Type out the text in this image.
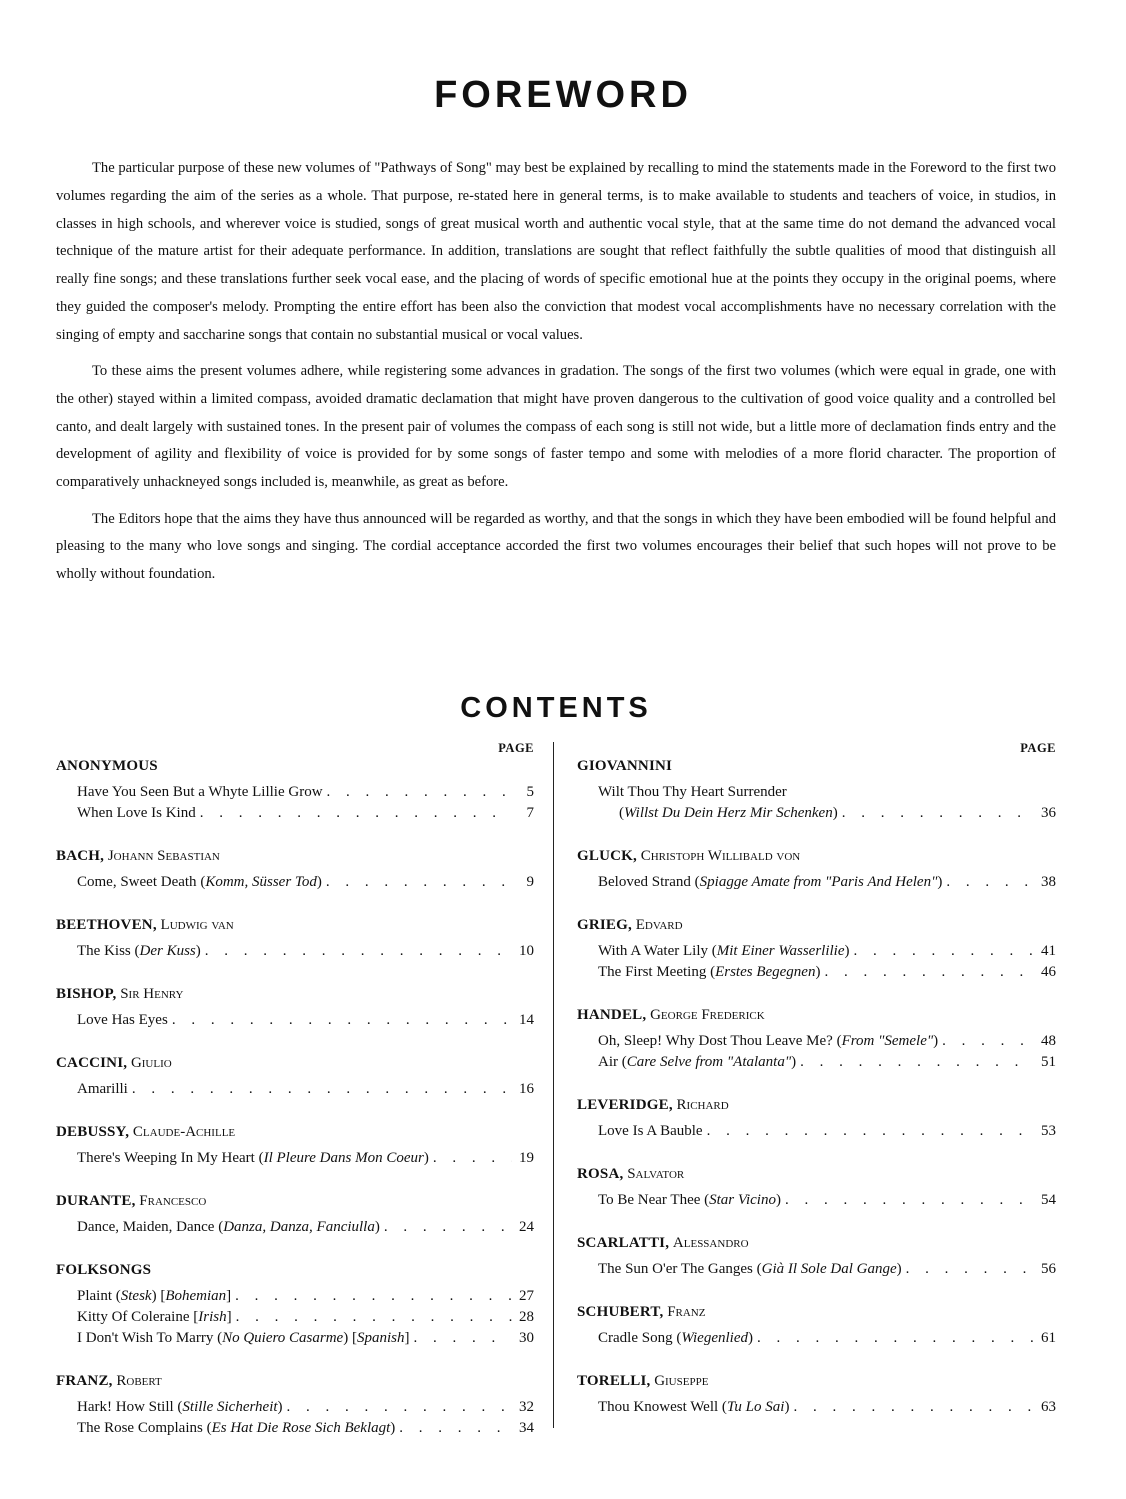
FOREWORD

The particular purpose of these new volumes of "Pathways of Song" may best be explained by recalling to mind the statements made in the Foreword to the first two volumes regarding the aim of the series as a whole. That purpose, re-stated here in general terms, is to make available to students and teachers of voice, in studios, in classes in high schools, and wherever voice is studied, songs of great musical worth and authentic vocal style, that at the same time do not demand the advanced vocal technique of the mature artist for their adequate performance. In addition, translations are sought that reflect faithfully the subtle qualities of mood that distinguish all really fine songs; and these translations further seek vocal ease, and the placing of words of specific emotional hue at the points they occupy in the original poems, where they guided the composer's melody. Prompting the entire effort has been also the conviction that modest vocal accomplishments have no necessary correlation with the singing of empty and saccharine songs that contain no substantial musical or vocal values.

To these aims the present volumes adhere, while registering some advances in gradation. The songs of the first two volumes (which were equal in grade, one with the other) stayed within a limited compass, avoided dramatic declamation that might have proven dangerous to the cultivation of good voice quality and a controlled bel canto, and dealt largely with sustained tones. In the present pair of volumes the compass of each song is still not wide, but a little more of declamation finds entry and the development of agility and flexibility of voice is provided for by some songs of faster tempo and some with melodies of a more florid character. The proportion of comparatively unhackneyed songs included is, meanwhile, as great as before.

The Editors hope that the aims they have thus announced will be regarded as worthy, and that the songs in which they have been embodied will be found helpful and pleasing to the many who love songs and singing. The cordial acceptance accorded the first two volumes encourages their belief that such hopes will not prove to be wholly without foundation.

CONTENTS
PAGE
ANONYMOUS
Have You Seen But a Whyte Lillie Grow . . .	5
When Love Is Kind . . .	7
BACH, Johann Sebastian
Come, Sweet Death (Komm, Süsser Tod) . . .	9
BEETHOVEN, Ludwig van
The Kiss (Der Kuss) . . .	10
BISHOP, Sir Henry
Love Has Eyes . . .	14
CACCINI, Giulio
Amarilli . . .	16
DEBUSSY, Claude-Achille
There's Weeping In My Heart (Il Pleure Dans Mon Coeur) . . .	19
DURANTE, Francesco
Dance, Maiden, Dance (Danza, Danza, Fanciulla) . . .	24
FOLKSONGS
Plaint (Stesk) [Bohemian] . . .	27
Kitty Of Coleraine [Irish] . . .	28
I Don't Wish To Marry (No Quiero Casarme) [Spanish] . . .	30
FRANZ, Robert
Hark! How Still (Stille Sicherheit) . . .	32
The Rose Complains (Es Hat Die Rose Sich Beklagt) . . .	34
PAGE
GIOVANNINI
Wilt Thou Thy Heart Surrender
(Willst Du Dein Herz Mir Schenken) . . .	36
GLUCK, Christoph Willibald von
Beloved Strand (Spiagge Amate from "Paris And Helen") . . .	38
GRIEG, Edvard
With A Water Lily (Mit Einer Wasserlilie) . . .	41
The First Meeting (Erstes Begegnen) . . .	46
HANDEL, George Frederick
Oh, Sleep! Why Dost Thou Leave Me? (From "Semele") . . .	48
Air (Care Selve from "Atalanta") . . .	51
LEVERIDGE, Richard
Love Is A Bauble . . .	53
ROSA, Salvator
To Be Near Thee (Star Vicino) . . .	54
SCARLATTI, Alessandro
The Sun O'er The Ganges (Già Il Sole Dal Gange) . . .	56
SCHUBERT, Franz
Cradle Song (Wiegenlied) . . .	61
TORELLI, Giuseppe
Thou Knowest Well (Tu Lo Sai) . . .	63
